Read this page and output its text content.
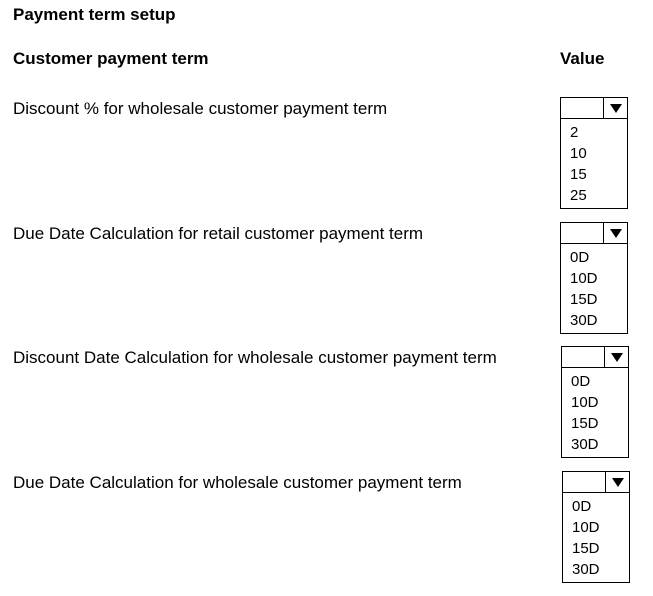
Payment term setup
Customer payment term	Value
Discount % for wholesale customer payment term
2
10
15
25
Due Date Calculation for retail customer payment term
0D
10D
15D
30D
Discount Date Calculation for wholesale customer payment term
0D
10D
15D
30D
Due Date Calculation for wholesale customer payment term
0D
10D
15D
30D
